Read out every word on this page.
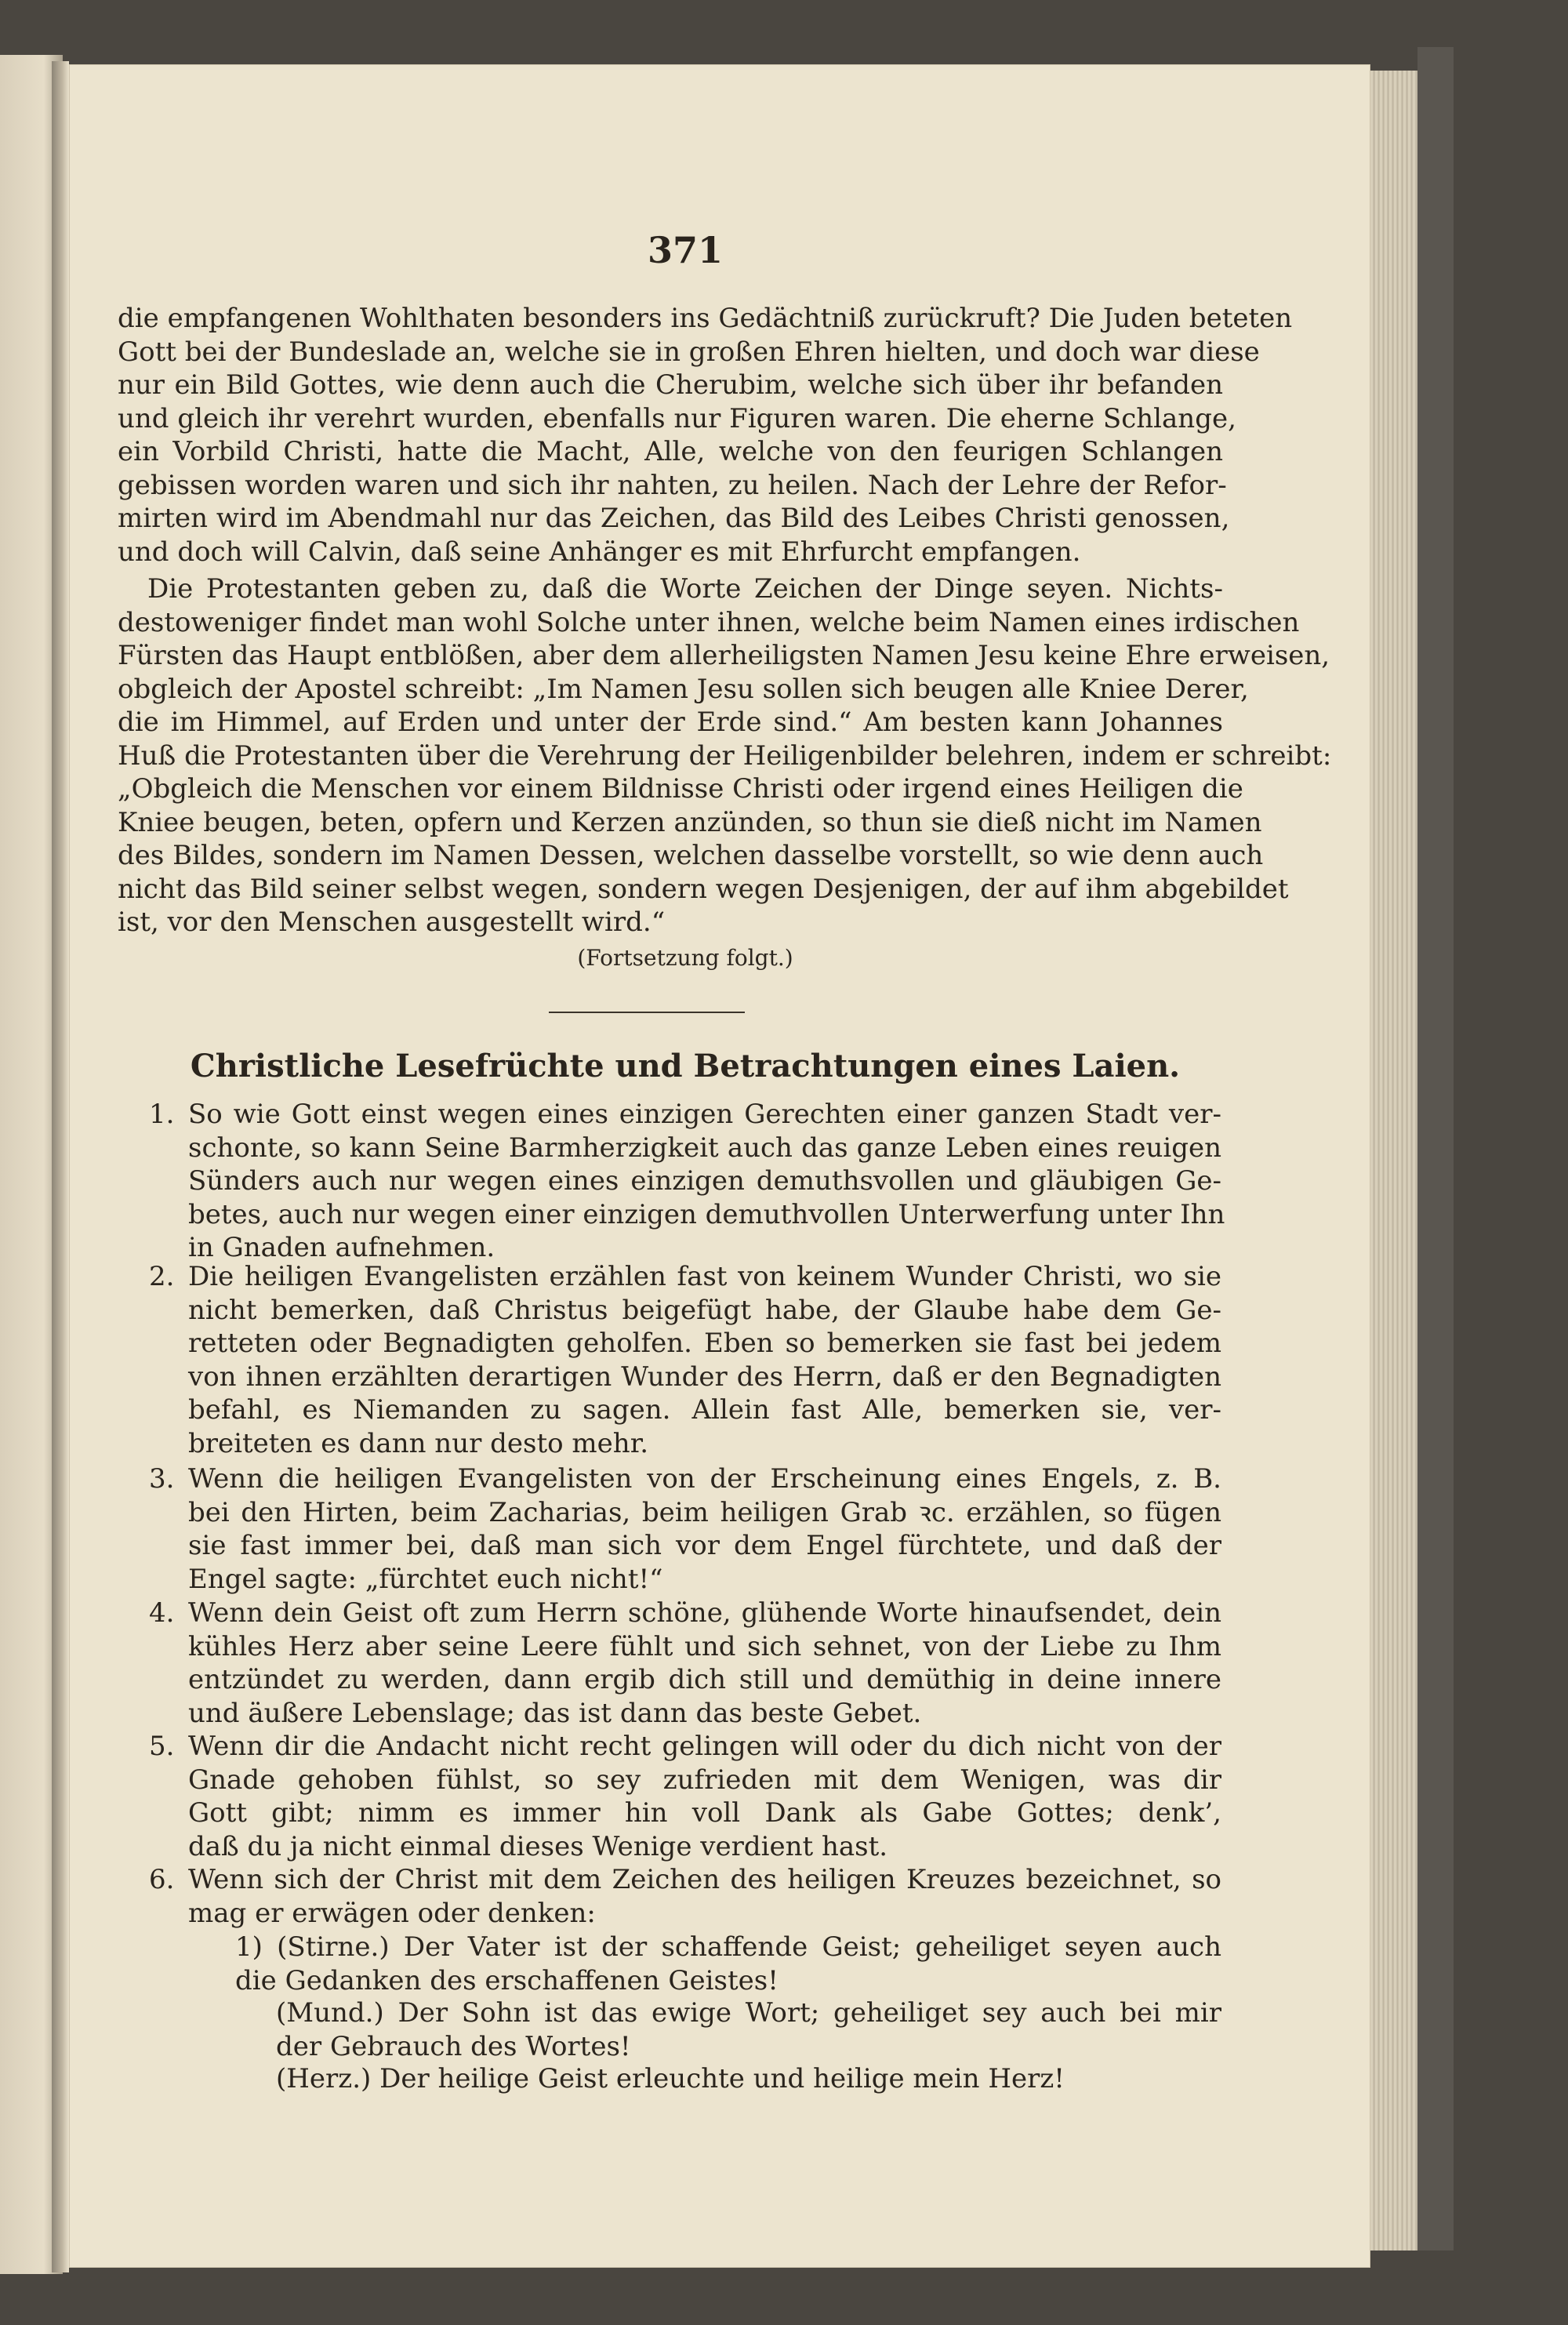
371
die empfangenen Wohlthaten besonders ins Gedächtniß zurückruft? Die Juden beteten
Gott bei der Bundeslade an, welche sie in großen Ehren hielten, und doch war diese
nur ein Bild Gottes, wie denn auch die Cherubim, welche sich über ihr befanden
und gleich ihr verehrt wurden, ebenfalls nur Figuren waren. Die eherne Schlange,
ein Vorbild Christi, hatte die Macht, Alle, welche von den feurigen Schlangen
gebissen worden waren und sich ihr nahten, zu heilen. Nach der Lehre der Refor-
mirten wird im Abendmahl nur das Zeichen, das Bild des Leibes Christi genossen,
und doch will Calvin, daß seine Anhänger es mit Ehrfurcht empfangen.
Die Protestanten geben zu, daß die Worte Zeichen der Dinge seyen. Nichts-
destoweniger findet man wohl Solche unter ihnen, welche beim Namen eines irdischen
Fürsten das Haupt entblößen, aber dem allerheiligsten Namen Jesu keine Ehre erweisen,
obgleich der Apostel schreibt: „Im Namen Jesu sollen sich beugen alle Kniee Derer,
die im Himmel, auf Erden und unter der Erde sind.“ Am besten kann Johannes
Huß die Protestanten über die Verehrung der Heiligenbilder belehren, indem er schreibt:
„Obgleich die Menschen vor einem Bildnisse Christi oder irgend eines Heiligen die
Kniee beugen, beten, opfern und Kerzen anzünden, so thun sie dieß nicht im Namen
des Bildes, sondern im Namen Dessen, welchen dasselbe vorstellt, so wie denn auch
nicht das Bild seiner selbst wegen, sondern wegen Desjenigen, der auf ihm abgebildet
ist, vor den Menschen ausgestellt wird.“
(Fortsetzung folgt.)
Christliche Lesefrüchte und Betrachtungen eines Laien.
1. So wie Gott einst wegen eines einzigen Gerechten einer ganzen Stadt ver-
schonte, so kann Seine Barmherzigkeit auch das ganze Leben eines reuigen
Sünders auch nur wegen eines einzigen demuthsvollen und gläubigen Ge-
betes, auch nur wegen einer einzigen demuthvollen Unterwerfung unter Ihn
in Gnaden aufnehmen.
2. Die heiligen Evangelisten erzählen fast von keinem Wunder Christi, wo sie
nicht bemerken, daß Christus beigefügt habe, der Glaube habe dem Ge-
retteten oder Begnadigten geholfen. Eben so bemerken sie fast bei jedem
von ihnen erzählten derartigen Wunder des Herrn, daß er den Begnadigten
befahl, es Niemanden zu sagen. Allein fast Alle, bemerken sie, ver-
breiteten es dann nur desto mehr.
3. Wenn die heiligen Evangelisten von der Erscheinung eines Engels, z. B.
bei den Hirten, beim Zacharias, beim heiligen Grab ꝛc. erzählen, so fügen
sie fast immer bei, daß man sich vor dem Engel fürchtete, und daß der
Engel sagte: „fürchtet euch nicht!“
4. Wenn dein Geist oft zum Herrn schöne, glühende Worte hinaufsendet, dein
kühles Herz aber seine Leere fühlt und sich sehnet, von der Liebe zu Ihm
entzündet zu werden, dann ergib dich still und demüthig in deine innere
und äußere Lebenslage; das ist dann das beste Gebet.
5. Wenn dir die Andacht nicht recht gelingen will oder du dich nicht von der
Gnade gehoben fühlst, so sey zufrieden mit dem Wenigen, was dir
Gott gibt; nimm es immer hin voll Dank als Gabe Gottes; denk’,
daß du ja nicht einmal dieses Wenige verdient hast.
6. Wenn sich der Christ mit dem Zeichen des heiligen Kreuzes bezeichnet, so
mag er erwägen oder denken:
1) (Stirne.) Der Vater ist der schaffende Geist; geheiliget seyen auch
die Gedanken des erschaffenen Geistes!
(Mund.) Der Sohn ist das ewige Wort; geheiliget sey auch bei mir
der Gebrauch des Wortes!
(Herz.) Der heilige Geist erleuchte und heilige mein Herz!
